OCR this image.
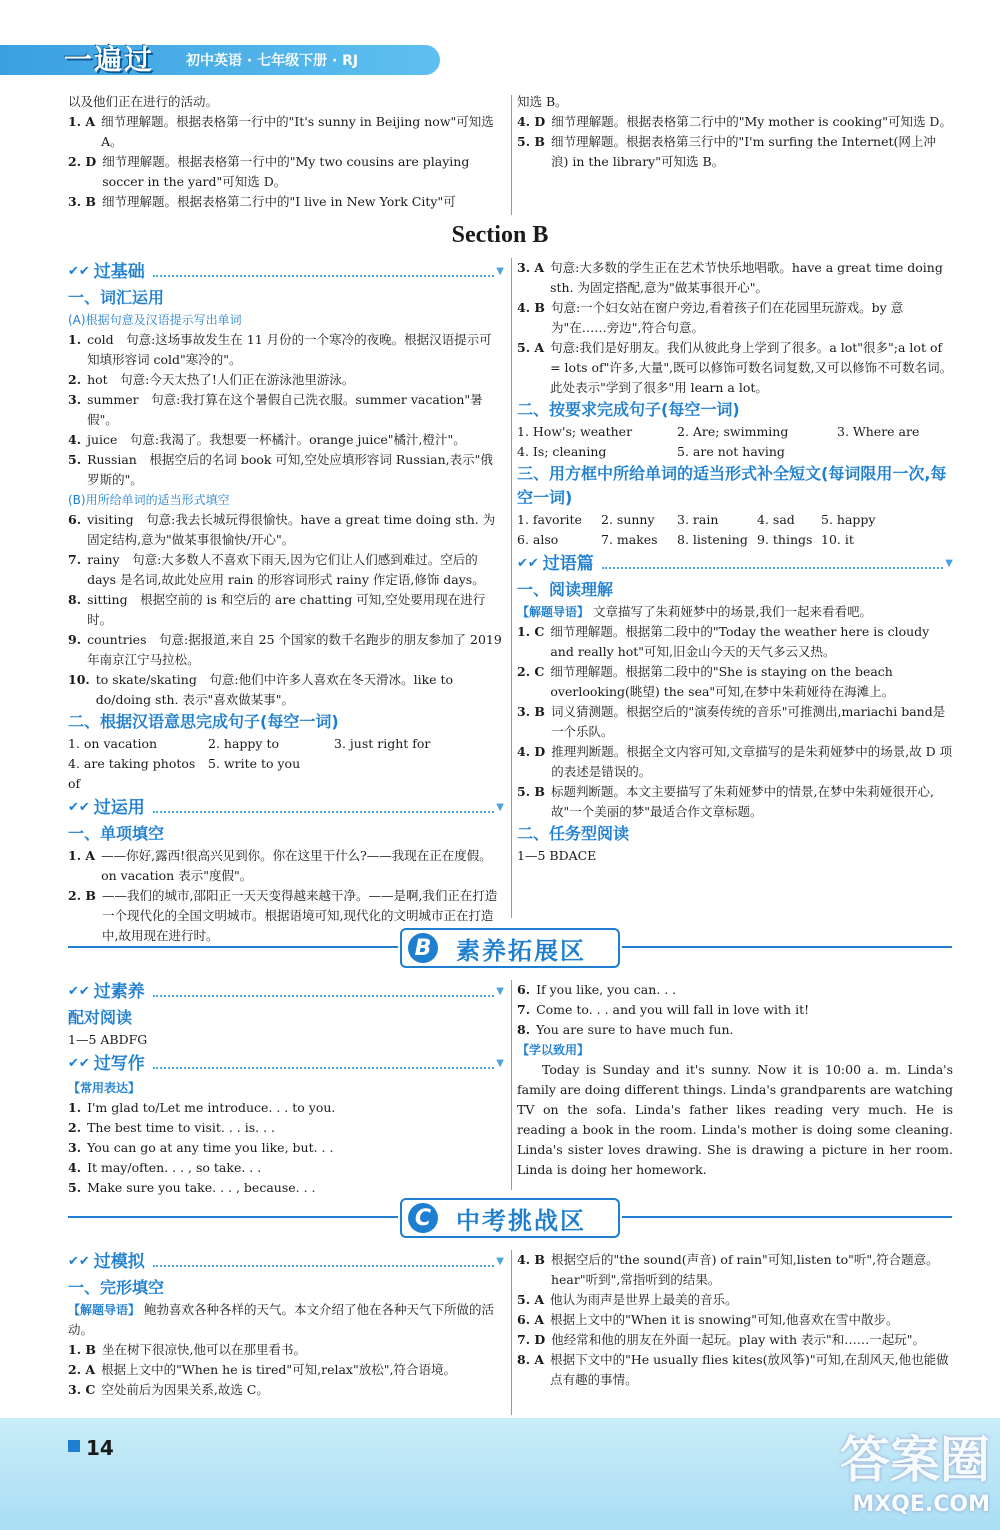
一遍过 初中英语 · 七年级下册 · RJ
以及他们正在进行的活动。
1. A 细节理解题。根据表格第一行中的"It's sunny in Beijing now"可知选 A。
2. D 细节理解题。根据表格第一行中的"My two cousins are playing soccer in the yard"可知选 D。
3. B 细节理解题。根据表格第二行中的"I live in New York City"可
知选 B。
4. D 细节理解题。根据表格第二行中的"My mother is cooking"可知选 D。
5. B 细节理解题。根据表格第三行中的"I'm surfing the Internet(网上冲浪) in the library"可知选 B。
Section B
✔✔ 过基础	▼
一、词汇运用
(A)根据句意及汉语提示写出单词
1. cold　句意:这场事故发生在 11 月份的一个寒冷的夜晚。根据汉语提示可知填形容词 cold"寒冷的"。
2. hot　句意:今天太热了!人们正在游泳池里游泳。
3. summer　句意:我打算在这个暑假自己洗衣服。summer vacation"暑假"。
4. juice　句意:我渴了。我想要一杯橘汁。orange juice"橘汁,橙汁"。
5. Russian　根据空后的名词 book 可知,空处应填形容词 Russian,表示"俄罗斯的"。
(B)用所给单词的适当形式填空
6. visiting　句意:我去长城玩得很愉快。have a great time doing sth. 为固定结构,意为"做某事很愉快/开心"。
7. rainy　句意:大多数人不喜欢下雨天,因为它们让人们感到难过。空后的 days 是名词,故此处应用 rain 的形容词形式 rainy 作定语,修饰 days。
8. sitting　根据空前的 is 和空后的 are chatting 可知,空处要用现在进行时。
9. countries　句意:据报道,来自 25 个国家的数千名跑步的朋友参加了 2019 年南京江宁马拉松。
10. to skate/skating　句意:他们中许多人喜欢在冬天滑冰。like to do/doing sth. 表示"喜欢做某事"。
二、根据汉语意思完成句子(每空一词)
1. on vacation	2. happy to	3. just right for
4. are taking photos of
5. write to you
✔✔ 过运用	▼
一、单项填空
1. A ——你好,露西!很高兴见到你。你在这里干什么?——我现在正在度假。on vacation 表示"度假"。
2. B ——我们的城市,邵阳正一天天变得越来越干净。——是啊,我们正在打造一个现代化的全国文明城市。根据语境可知,现代化的文明城市正在打造中,故用现在进行时。
3. A 句意:大多数的学生正在艺术节快乐地唱歌。have a great time doing sth. 为固定搭配,意为"做某事很开心"。
4. B 句意:一个妇女站在窗户旁边,看着孩子们在花园里玩游戏。by 意为"在……旁边",符合句意。
5. A 句意:我们是好朋友。我们从彼此身上学到了很多。a lot"很多";a lot of = lots of"许多,大量",既可以修饰可数名词复数,又可以修饰不可数名词。此处表示"学到了很多"用 learn a lot。
二、按要求完成句子(每空一词)
1. How's; weather	2. Are; swimming	3. Where are
4. Is; cleaning	5. are not having
三、用方框中所给单词的适当形式补全短文(每词限用一次,每空一词)
1. favorite	2. sunny	3. rain	4. sad	5. happy
6. also	7. makes	8. listening 9. things 10. it
✔✔ 过语篇	▼
一、阅读理解

【解题导语】 文章描写了朱莉娅梦中的场景,我们一起来看看吧。

1. C 细节理解题。根据第二段中的"Today the weather here is cloudy and really hot"可知,旧金山今天的天气多云又热。
2. C 细节理解题。根据第二段中的"She is staying on the beach overlooking(眺望) the sea"可知,在梦中朱莉娅待在海滩上。
3. B 词义猜测题。根据空后的"演奏传统的音乐"可推测出,mariachi band是一个乐队。
4. D 推理判断题。根据全文内容可知,文章描写的是朱莉娅梦中的场景,故 D 项的表述是错误的。
5. B 标题判断题。本文主要描写了朱莉娅梦中的情景,在梦中朱莉娅很开心,故"一个美丽的梦"最适合作文章标题。
二、任务型阅读

1—5 BDACE

B 素养拓展区
✔✔ 过素养	▼
配对阅读

1—5 ABDFG

✔✔ 过写作	▼
【常用表达】
1. I'm glad to/Let me introduce. . . to you.
2. The best time to visit. . . is. . .
3. You can go at any time you like, but. . .
4. It may/often. . . , so take. . .
5. Make sure you take. . . , because. . .
6. If you like, you can. . .
7. Come to. . . and you will fall in love with it!
8. You are sure to have much fun.
【学以致用】

Today is Sunday and it's sunny. Now it is 10:00 a. m. Linda's family are doing different things. Linda's grandparents are watching TV on the sofa. Linda's father likes reading very much. He is reading a book in the room. Linda's mother is doing some cleaning. Linda's sister loves drawing. She is drawing a picture in her room. Linda is doing her homework.

C 中考挑战区
✔✔ 过模拟	▼
一、完形填空

【解题导语】 鲍勃喜欢各种各样的天气。本文介绍了他在各种天气下所做的活动。

1. B 坐在树下很凉快,他可以在那里看书。
2. A 根据上文中的"When he is tired"可知,relax"放松",符合语境。
3. C 空处前后为因果关系,故选 C。
4. B 根据空后的"the sound(声音) of rain"可知,listen to"听",符合题意。hear"听到",常指听到的结果。
5. A 他认为雨声是世界上最美的音乐。
6. A 根据上文中的"When it is snowing"可知,他喜欢在雪中散步。
7. D 他经常和他的朋友在外面一起玩。play with 表示"和……一起玩"。
8. A 根据下文中的"He usually flies kites(放风筝)"可知,在刮风天,他也能做点有趣的事情。
14	答案圈
MXQE.COM
